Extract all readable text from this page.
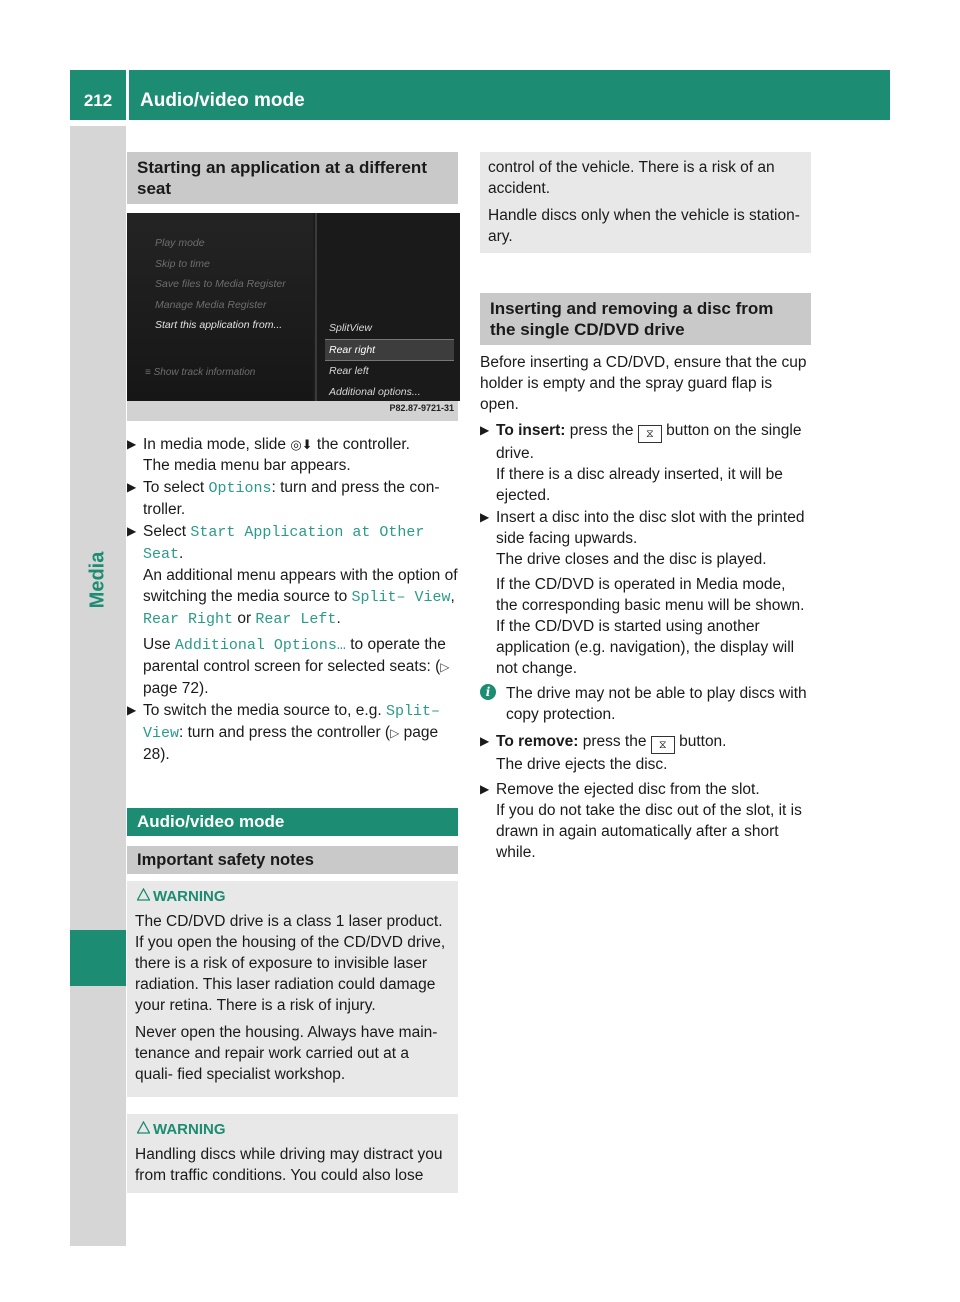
212	Audio/video mode
Media
Starting an application at a different seat
Play mode
Skip to time
Save files to Media Register
Manage Media Register
Start this application from...
≡ Show track information
SplitView
Rear right
Rear left
Additional options...
P82.87-9721-31
▶ In media mode, slide ◎⬇ the controller.
The media menu bar appears.
▶ To select Options: turn and press the con- troller.
▶ Select Start Application at Other Seat.
An additional menu appears with the option of switching the media source to Split– View, Rear Right or Rear Left.
Use Additional Options… to operate the parental control screen for selected seats: (▷ page 72).
▶ To switch the media source to, e.g. Split– View: turn and press the controller (▷ page 28).
Audio/video mode
Important safety notes
WARNING

The CD/DVD drive is a class 1 laser product. If you open the housing of the CD/DVD drive, there is a risk of exposure to invisible laser radiation. This laser radiation could damage your retina. There is a risk of injury.

Never open the housing. Always have main- tenance and repair work carried out at a quali- fied specialist workshop.

WARNING

Handling discs while driving may distract you from traffic conditions. You could also lose

control of the vehicle. There is a risk of an accident.

Handle discs only when the vehicle is station- ary.

Inserting and removing a disc from the single CD/DVD drive

Before inserting a CD/DVD, ensure that the cup holder is empty and the spray guard flap is open.

▶ To insert: press the ⧖ button on the single drive.
If there is a disc already inserted, it will be ejected.
▶ Insert a disc into the disc slot with the printed side facing upwards.
The drive closes and the disc is played.
If the CD/DVD is operated in Media mode, the corresponding basic menu will be shown. If the CD/DVD is started using another application (e.g. navigation), the display will not change.
i	The drive may not be able to play discs with copy protection.
▶ To remove: press the ⧖ button.
The drive ejects the disc.
▶ Remove the ejected disc from the slot.
If you do not take the disc out of the slot, it is drawn in again automatically after a short while.
